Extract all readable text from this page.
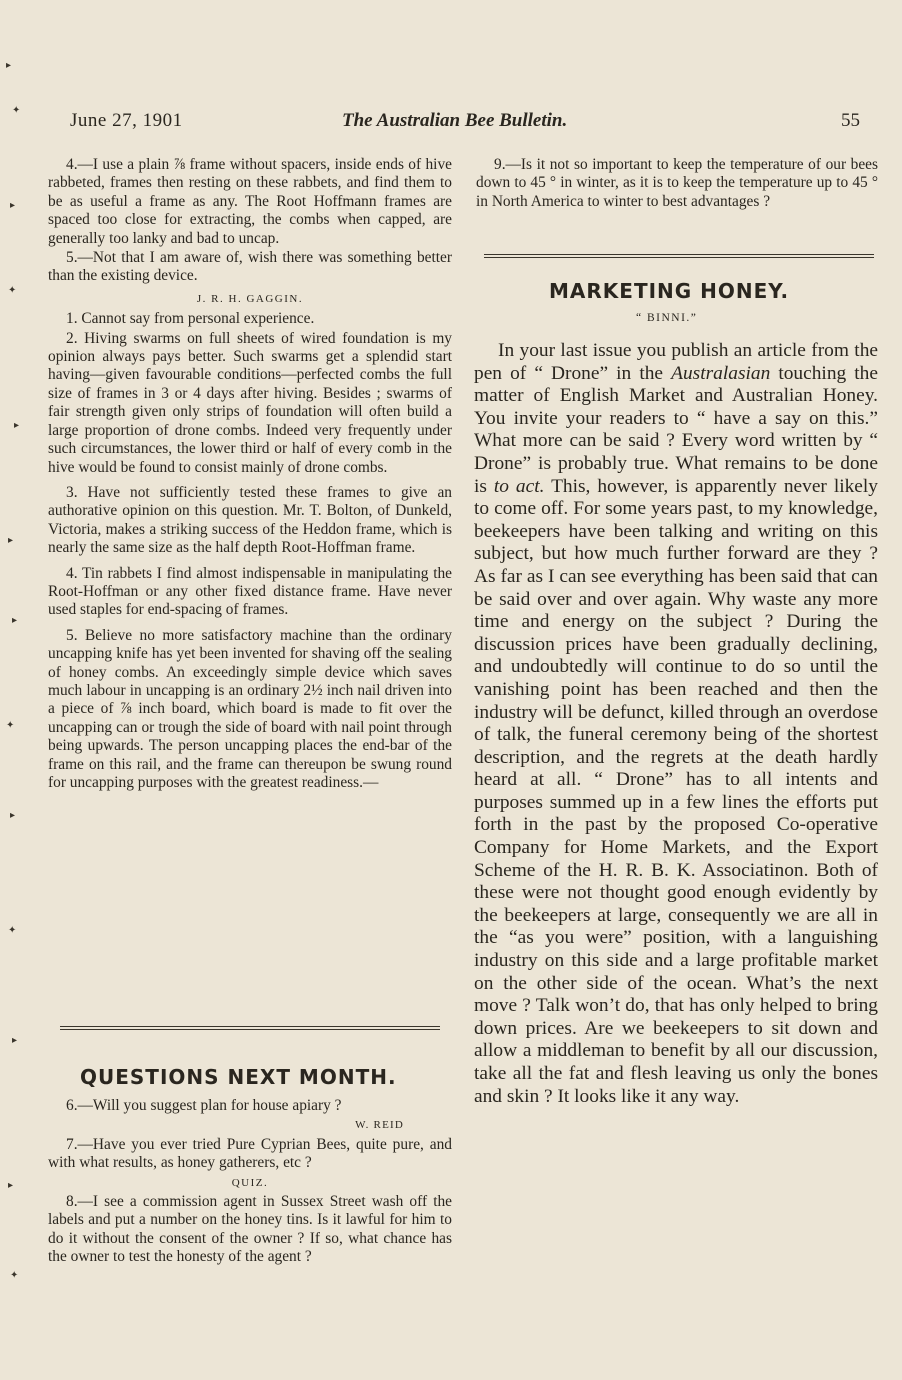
▸
✦
▸
✦
▸
▸
▸
✦
▸
✦
▸
▸
✦
June 27, 1901	The Australian Bee Bulletin.	55

4.—I use a plain ⅞ frame without spacers, inside ends of hive rabbeted, frames then resting on these rabbets, and find them to be as useful a frame as any. The Root Hoffmann frames are spaced too close for extracting, the combs when capped, are generally too lanky and bad to uncap.

5.—Not that I am aware of, wish there was something better than the existing device.

J. R. H. GAGGIN.

1. Cannot say from personal experience.

2. Hiving swarms on full sheets of wired foundation is my opinion always pays better. Such swarms get a splendid start having—given favourable conditions—perfected combs the full size of frames in 3 or 4 days after hiving. Besides ; swarms of fair strength given only strips of foundation will often build a large proportion of drone combs. Indeed very frequently under such circumstances, the lower third or half of every comb in the hive would be found to consist mainly of drone combs.

3. Have not sufficiently tested these frames to give an authorative opinion on this question. Mr. T. Bolton, of Dunkeld, Victoria, makes a striking success of the Heddon frame, which is nearly the same size as the half depth Root-Hoffman frame.

4. Tin rabbets I find almost indispensable in manipulating the Root-Hoffman or any other fixed distance frame. Have never used staples for end-spacing of frames.

5. Believe no more satisfactory machine than the ordinary uncapping knife has yet been invented for shaving off the sealing of honey combs. An exceedingly simple device which saves much labour in uncapping is an ordinary 2½ inch nail driven into a piece of ⅞ inch board, which board is made to fit over the uncapping can or trough the side of board with nail point through being upwards. The person uncapping places the end-bar of the frame on this rail, and the frame can thereupon be swung round for uncapping purposes with the greatest readiness.—

QUESTIONS NEXT MONTH.

6.—Will you suggest plan for house apiary ?

W. REID

7.—Have you ever tried Pure Cyprian Bees, quite pure, and with what results, as honey gatherers, etc ?

QUIZ.

8.—I see a commission agent in Sussex Street wash off the labels and put a number on the honey tins. Is it lawful for him to do it without the consent of the owner ? If so, what chance has the owner to test the honesty of the agent ?

9.—Is it not so important to keep the temperature of our bees down to 45 ° in winter, as it is to keep the temperature up to 45 ° in North America to winter to best advantages ?

MARKETING HONEY.
“ BINNI.”

In your last issue you publish an article from the pen of “ Drone” in the Australasian touching the matter of English Market and Australian Honey. You invite your readers to “ have a say on this.” What more can be said ? Every word written by “ Drone” is probably true. What remains to be done is to act. This, however, is apparently never likely to come off. For some years past, to my knowledge, beekeepers have been talking and writing on this subject, but how much further forward are they ? As far as I can see everything has been said that can be said over and over again. Why waste any more time and energy on the subject ? During the discussion prices have been gradually declining, and undoubtedly will continue to do so until the vanishing point has been reached and then the industry will be defunct, killed through an overdose of talk, the funeral ceremony being of the shortest description, and the regrets at the death hardly heard at all. “ Drone” has to all intents and purposes summed up in a few lines the efforts put forth in the past by the proposed Co-operative Company for Home Markets, and the Export Scheme of the H. R. B. K. Associatinon. Both of these were not thought good enough evidently by the beekeepers at large, consequently we are all in the “as you were” position, with a languishing industry on this side and a large profitable market on the other side of the ocean. What’s the next move ? Talk won’t do, that has only helped to bring down prices. Are we beekeepers to sit down and allow a middleman to benefit by all our discussion, take all the fat and flesh leaving us only the bones and skin ? It looks like it any way.
